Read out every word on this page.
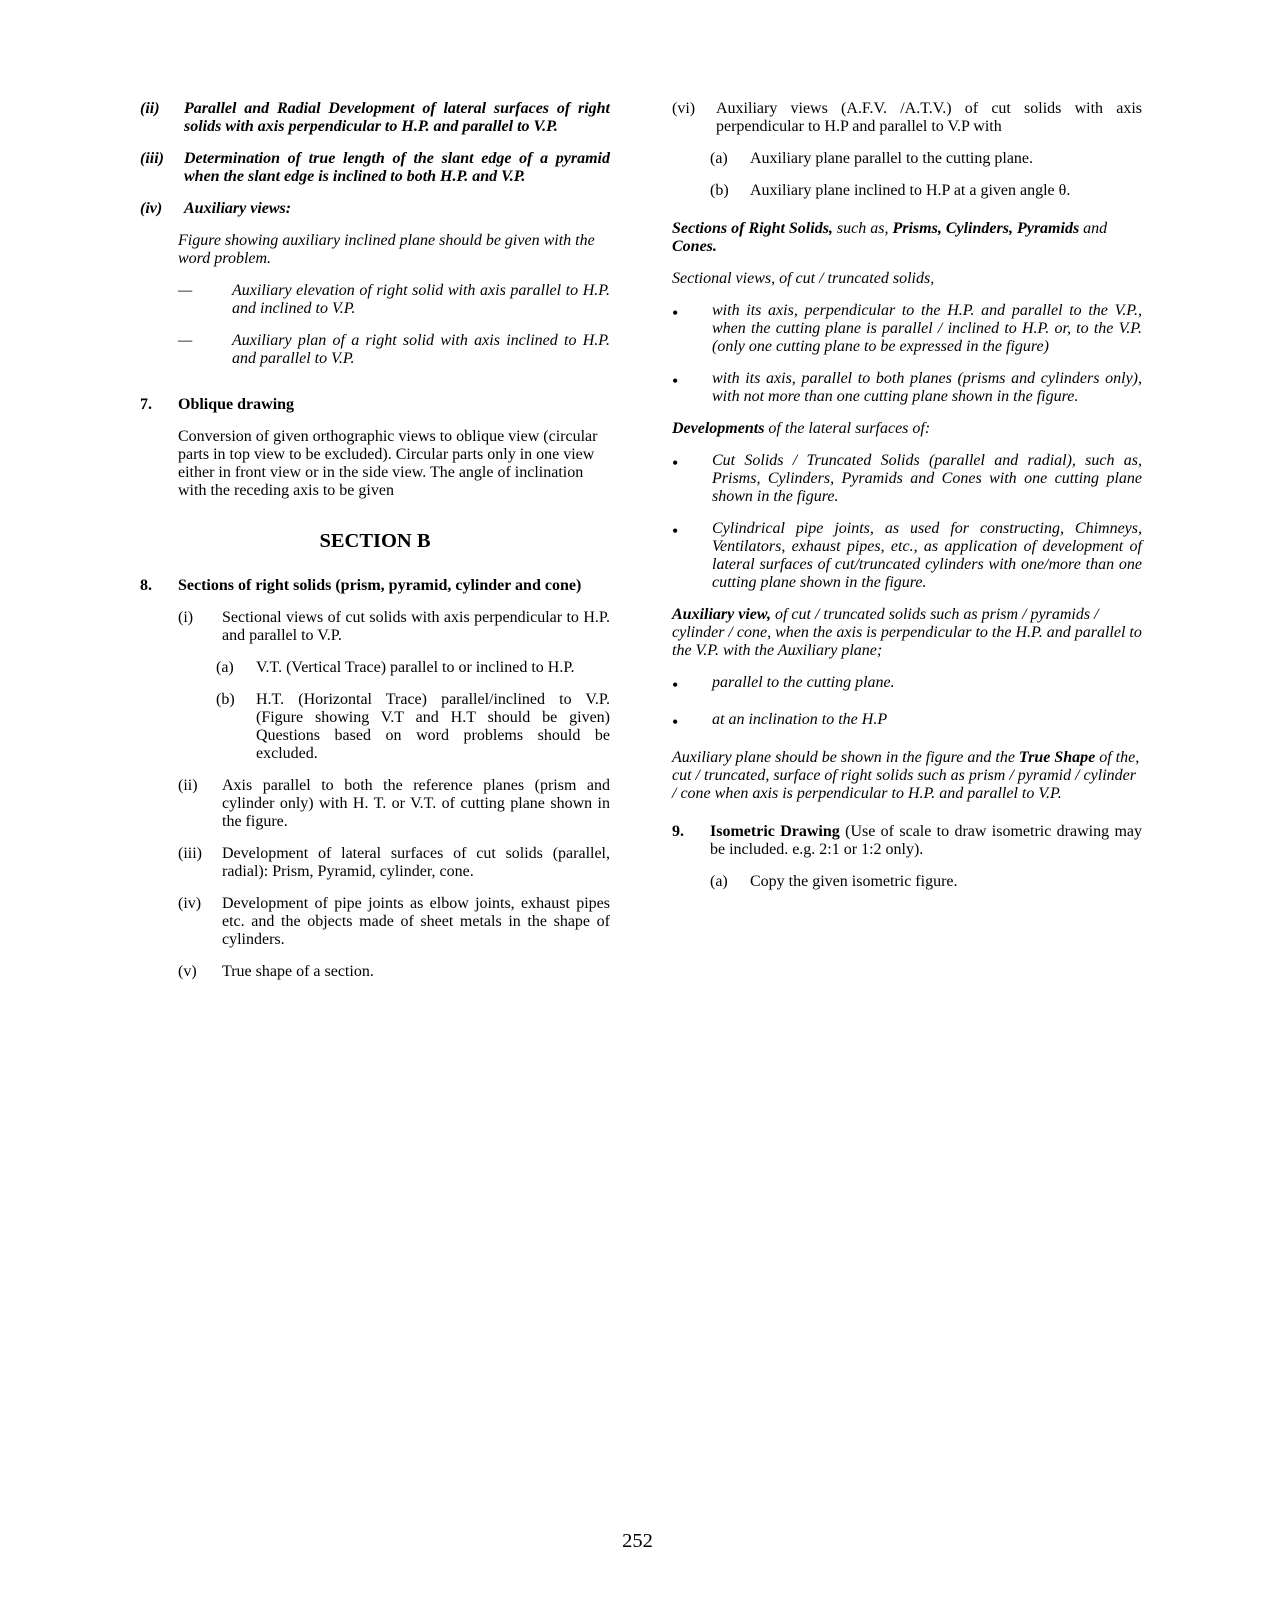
(ii)	Parallel and Radial Development of lateral surfaces of right solids with axis perpendicular to H.P. and parallel to V.P.
(iii)	Determination of true length of the slant edge of a pyramid when the slant edge is inclined to both H.P. and V.P.
(iv)	Auxiliary views:
Figure showing auxiliary inclined plane should be given with the word problem.
—	Auxiliary elevation of right solid with axis parallel to H.P. and inclined to V.P.
—	Auxiliary plan of a right solid with axis inclined to H.P. and parallel to V.P.
7.	Oblique drawing
Conversion of given orthographic views to oblique view (circular parts in top view to be excluded). Circular parts only in one view either in front view or in the side view. The angle of inclination with the receding axis to be given
SECTION B
8.	Sections of right solids (prism, pyramid, cylinder and cone)
(i)	Sectional views of cut solids with axis perpendicular to H.P. and parallel to V.P.
(a)	V.T. (Vertical Trace) parallel to or inclined to H.P.
(b)	H.T. (Horizontal Trace) parallel/inclined to V.P. (Figure showing V.T and H.T should be given) Questions based on word problems should be excluded.
(ii)	Axis parallel to both the reference planes (prism and cylinder only) with H. T. or V.T. of cutting plane shown in the figure.
(iii)	Development of lateral surfaces of cut solids (parallel, radial): Prism, Pyramid, cylinder, cone.
(iv)	Development of pipe joints as elbow joints, exhaust pipes etc. and the objects made of sheet metals in the shape of cylinders.
(v)	True shape of a section.
(vi)	Auxiliary views (A.F.V. /A.T.V.) of cut solids with axis perpendicular to H.P and parallel to V.P with
(a)	Auxiliary plane parallel to the cutting plane.
(b)	Auxiliary plane inclined to H.P at a given angle θ.
Sections of Right Solids, such as, Prisms, Cylinders, Pyramids and Cones.
Sectional views, of cut / truncated solids,
•	with its axis, perpendicular to the H.P. and parallel to the V.P., when the cutting plane is parallel / inclined to H.P. or, to the V.P. (only one cutting plane to be expressed in the figure)
•	with its axis, parallel to both planes (prisms and cylinders only), with not more than one cutting plane shown in the figure.
Developments of the lateral surfaces of:
•	Cut Solids / Truncated Solids (parallel and radial), such as, Prisms, Cylinders, Pyramids and Cones with one cutting plane shown in the figure.
•	Cylindrical pipe joints, as used for constructing, Chimneys, Ventilators, exhaust pipes, etc., as application of development of lateral surfaces of cut/truncated cylinders with one/more than one cutting plane shown in the figure.
Auxiliary view, of cut / truncated solids such as prism / pyramids / cylinder / cone, when the axis is perpendicular to the H.P. and parallel to the V.P. with the Auxiliary plane;
•	parallel to the cutting plane.
•	at an inclination to the H.P
Auxiliary plane should be shown in the figure and the True Shape of the, cut / truncated, surface of right solids such as prism / pyramid / cylinder / cone when axis is perpendicular to H.P. and parallel to V.P.
9.	Isometric Drawing (Use of scale to draw isometric drawing may be included. e.g. 2:1 or 1:2 only).
(a)	Copy the given isometric figure.
252
